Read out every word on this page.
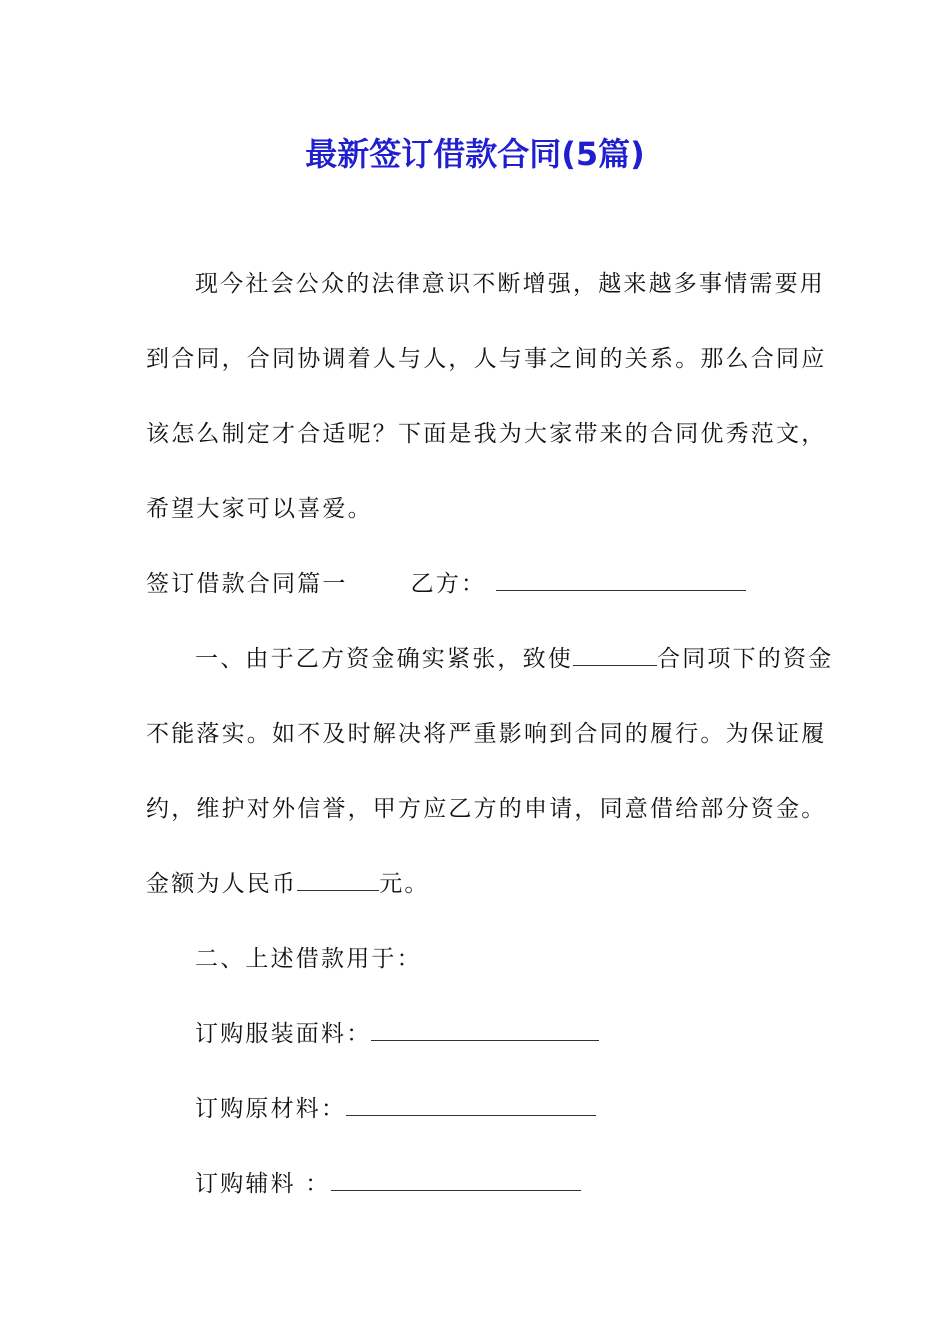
最新签订借款合同(5篇)
现今社会公众的法律意识不断增强，越来越多事情需要用
到合同，合同协调着人与人，人与事之间的关系。那么合同应
该怎么制定才合适呢？下面是我为大家带来的合同优秀范文，
希望大家可以喜爱。
签订借款合同篇一	乙方：
一、由于乙方资金确实紧张，致使	合同项下的资金
不能落实。如不及时解决将严重影响到合同的履行。为保证履
约，维护对外信誉，甲方应乙方的申请，同意借给部分资金。
金额为人民币	元。
二、上述借款用于：
订购服装面料：
订购原材料：
订购辅料 ：
